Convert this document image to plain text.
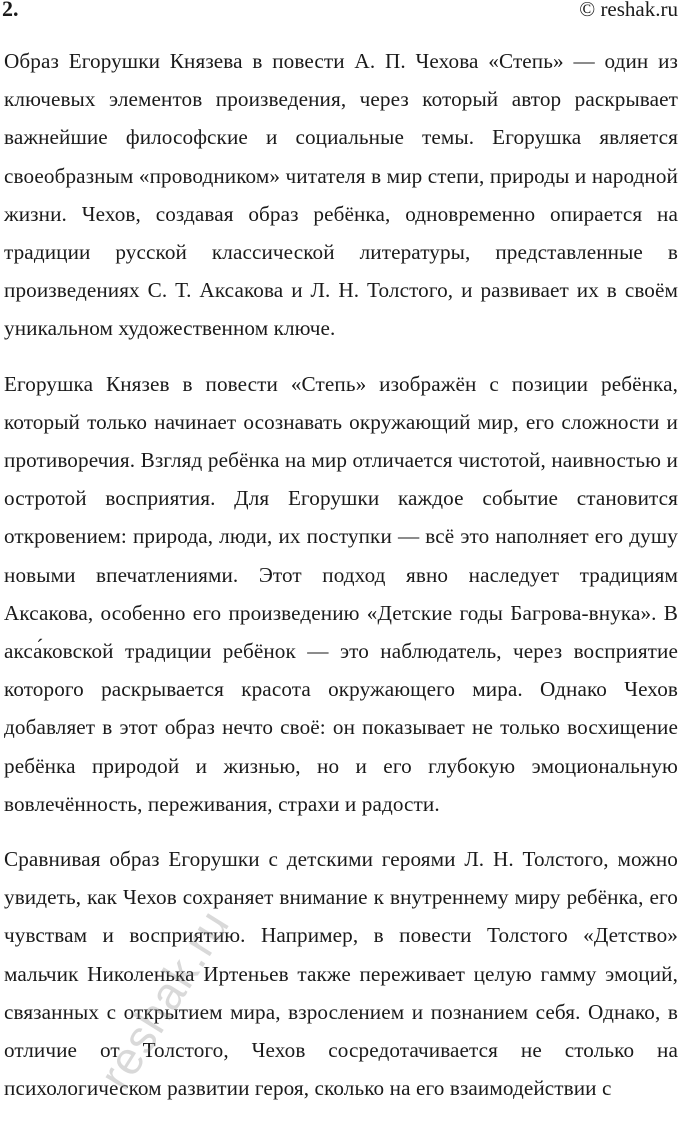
2.	© reshak.ru

Образ Егорушки Князева в повести А. П. Чехова «Степь» — один из ключевых элементов произведения, через который автор раскрывает важнейшие философские и социальные темы. Егорушка является своеобразным «проводником» читателя в мир степи, природы и народной жизни. Чехов, создавая образ ребёнка, одновременно опирается на традиции русской классической литературы, представленные в произведениях С. Т. Аксакова и Л. Н. Толстого, и развивает их в своём уникальном художественном ключе.

Егорушка Князев в повести «Степь» изображён с позиции ребёнка, который только начинает осознавать окружающий мир, его сложности и противоречия. Взгляд ребёнка на мир отличается чистотой, наивностью и остротой восприятия. Для Егорушки каждое событие становится откровением: природа, люди, их поступки — всё это наполняет его душу новыми впечатлениями. Этот подход явно наследует традициям Аксакова, особенно его произведению «Детские годы Багрова-внука». В акса́ковской традиции ребёнок — это наблюдатель, через восприятие которого раскрывается красота окружающего мира. Однако Чехов добавляет в этот образ нечто своё: он показывает не только восхищение ребёнка природой и жизнью, но и его глубокую эмоциональную вовлечённость, переживания, страхи и радости.

Сравнивая образ Егорушки с детскими героями Л. Н. Толстого, можно увидеть, как Чехов сохраняет внимание к внутреннему миру ребёнка, его чувствам и восприятию. Например, в повести Толстого «Детство» мальчик Николенька Иртеньев также переживает целую гамму эмоций, связанных с открытием мира, взрослением и познанием себя. Однако, в отличие от Толстого, Чехов сосредотачивается не столько на психологическом развитии героя, сколько на его взаимодействии с

reshak.ru
